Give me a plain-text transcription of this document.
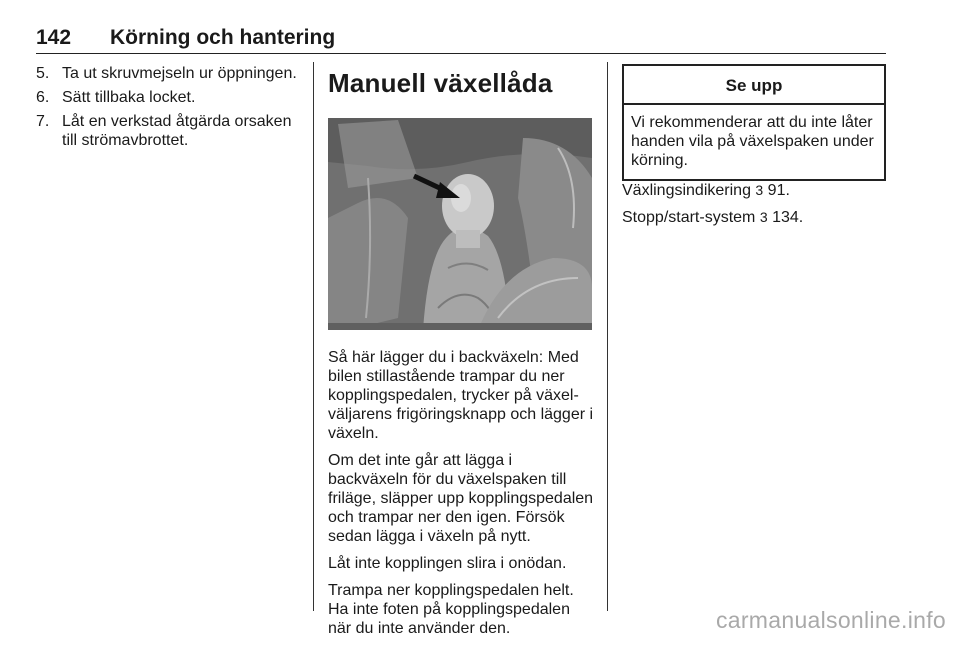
142 Körning och hantering
5. Ta ut skruvmejseln ur öppningen.
6. Sätt tillbaka locket.
7. Låt en verkstad åtgärda orsaken till strömavbrottet.
Manuell växellåda

Så här lägger du i backväxeln: Med bilen stillastående trampar du ner kopplingspedalen, trycker på växelväljarens frigöringsknapp och lägger i växeln.

Om det inte går att lägga i backväxeln för du växelspaken till friläge, släpper upp kopplingspedalen och trampar ner den igen. Försök sedan lägga i växeln på nytt.

Låt inte kopplingen slira i onödan.

Trampa ner kopplingspedalen helt. Ha inte foten på kopplingspedalen när du inte använder den.

Se upp
Vi rekommenderar att du inte låter handen vila på växelspaken under körning.

Växlingsindikering 3 91.

Stopp/start-system 3 134.

carmanualsonline.info
